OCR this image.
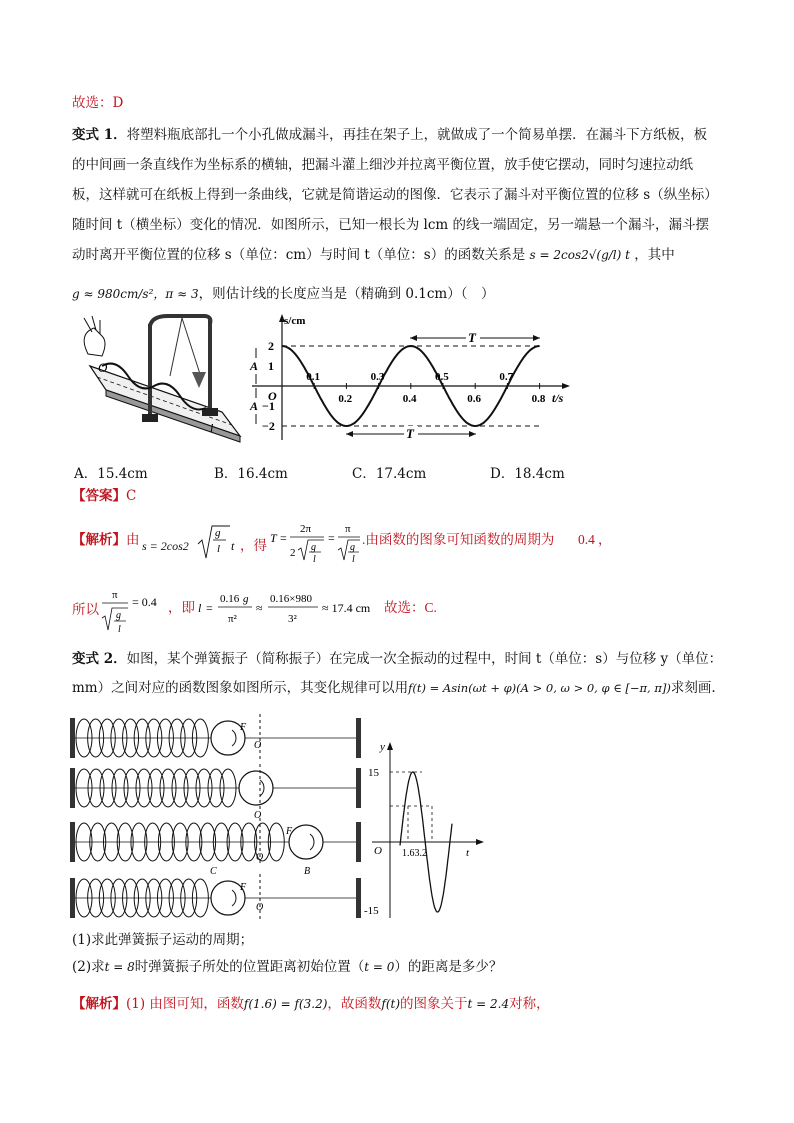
故选：D
变式 1．将塑料瓶底部扎一个小孔做成漏斗，再挂在架子上，就做成了一个简易单摆．在漏斗下方纸板，板
的中间画一条直线作为坐标系的横轴，把漏斗灌上细沙并拉离平衡位置，放手使它摆动，同时匀速拉动纸
板，这样就可在纸板上得到一条曲线，它就是简谐运动的图像．它表示了漏斗对平衡位置的位移 s（纵坐标）
随时间 t（横坐标）变化的情况．如图所示，已知一根长为 lcm 的线一端固定，另一端悬一个漏斗，漏斗摆
动时离开平衡位置的位移 s（单位：cm）与时间 t（单位：s）的函数关系是 s = 2cos2√(g/l) t ，其中
g ≈ 980cm/s²，π ≈ 3，则估计线的长度应当是（精确到 0.1cm）（　）
O
l
s/cm
t/s
2
1
O
−1
−2
A
A
0.1
0.2
0.3
0.4
0.5
0.6
0.7
0.8
T
T
A．15.4cm	B．16.4cm	C．17.4cm	D．18.4cm
【答案】C
【解析】由 s = 2cos2
g
l t ，得 T =
2π
2 g
l
=
π
g
l
.由函数的图象可知函数的周期为 0.4 ，
所以
π
g
l
= 0.4 ，即 l =
0.16 g
π²
≈
0.16×980
3²
≈ 17.4 cm 故选：C.
变式 2．如图，某个弹簧振子（简称振子）在完成一次全振动的过程中，时间 t（单位：s）与位移 y（单位：
mm）之间对应的函数图象如图所示，其变化规律可以用f(t) = Asin(ωt + φ)(A > 0, ω > 0, φ ∈ [−π, π])求刻画.
F
O
O
F
O
B
C
F
O
y
t
15
-15
O 1.63.2
(1)求此弹簧振子运动的周期；
(2)求t = 8时弹簧振子所处的位置距离初始位置（t = 0）的距离是多少？
【解析】(1) 由图可知，函数f(1.6) = f(3.2)，故函数f(t)的图象关于t = 2.4对称，
